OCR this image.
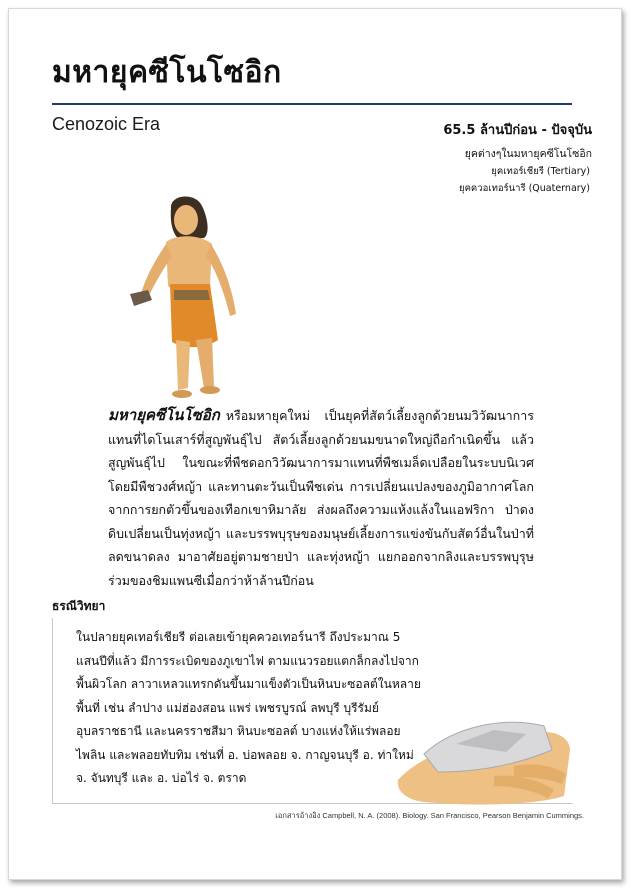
มหายุคซีโนโซอิก
Cenozoic Era	65.5 ล้านปีก่อน - ปัจจุบัน
ยุคต่างๆในมหายุคซีโนโซอิก

ยุคเทอร์เชียรี (Tertiary)
ยุคควอเทอร์นารี (Quaternary)

มหายุคซีโนโซอิก หรือมหายุคใหม่ เป็นยุคที่สัตว์เลี้ยงลูกด้วยนมวิวัฒนาการแทนที่ไดโนเสาร์ที่สูญพันธุ์ไป สัตว์เลี้ยงลูกด้วยนมขนาดใหญ่ถือกำเนิดขึ้น แล้วสูญพันธุ์ไป ในขณะที่พืชดอกวิวัฒนาการมาแทนที่พืชเมล็ดเปลือยในระบบนิเวศ โดยมีพืชวงศ์หญ้า และทานตะวันเป็นพืชเด่น การเปลี่ยนแปลงของภูมิอากาศโลก จากการยกตัวขึ้นของเทือกเขาหิมาลัย ส่งผลถึงความแห้งแล้งในแอฟริกา ป่าดงดิบเปลี่ยนเป็นทุ่งหญ้า และบรรพบุรุษของมนุษย์เลี้ยงการแข่งขันกับสัตว์อื่นในป่าที่ลดขนาดลง มาอาศัยอยู่ตามชายป่า และทุ่งหญ้า แยกออกจากลิงและบรรพบุรุษร่วมของชิมแพนซีเมื่อกว่าห้าล้านปีก่อน

ธรณีวิทยา

ในปลายยุคเทอร์เชียรี ต่อเลยเข้ายุคควอเทอร์นารี ถึงประมาณ 5 แสนปีที่แล้ว มีการระเบิดของภูเขาไฟ ตามแนวรอยแตกล็กลงไปจากพื้นผิวโลก ลาวาเหลวแทรกดันขึ้นมาแข็งตัวเป็นหินบะซอลต์ในหลายพื้นที่ เช่น ลำปาง แม่ฮ่องสอน แพร่ เพชรบูรณ์ ลพบุรี บุรีรัมย์ อุบลราชธานี และนครราชสีมา หินบะซอลต์ บางแห่งให้แร่พลอยไพลิน และพลอยทับทิม เช่นที่ อ. บ่อพลอย จ. กาญจนบุรี อ. ท่าใหม่ จ. จันทบุรี และ อ. บ่อไร่ จ. ตราด

เอกสารอ้างอิง Campbell, N. A. (2008). Biology. San Francisco, Pearson Benjamin Cummings.
